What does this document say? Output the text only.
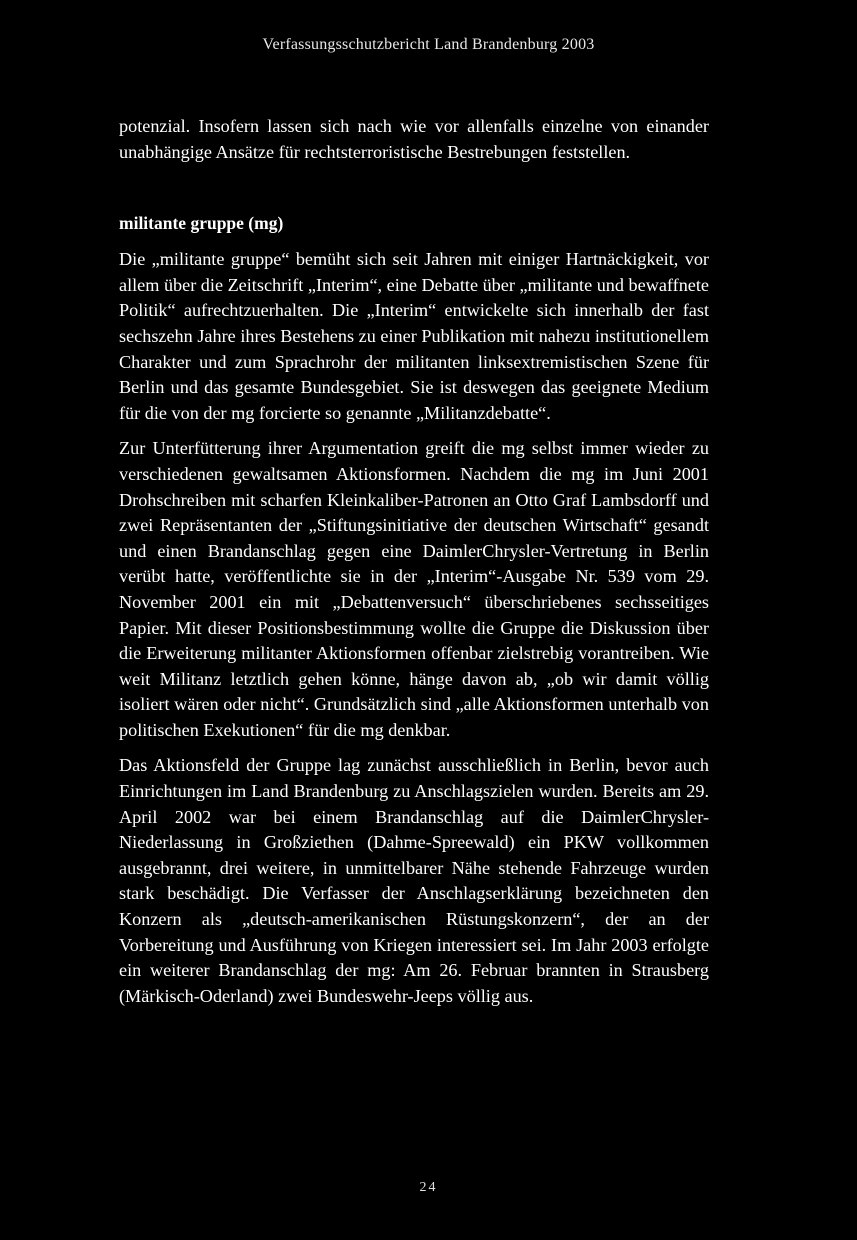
Verfassungsschutzbericht Land Brandenburg 2003

potenzial. Insofern lassen sich nach wie vor allenfalls einzelne von einander unabhängige Ansätze für rechtsterroristische Bestrebungen feststellen.

militante gruppe (mg)

Die „militante gruppe“ bemüht sich seit Jahren mit einiger Hartnäckigkeit, vor allem über die Zeitschrift „Interim“, eine Debatte über „militante und bewaffnete Politik“ aufrechtzuerhalten. Die „Interim“ entwickelte sich innerhalb der fast sechszehn Jahre ihres Bestehens zu einer Publikation mit nahezu institutionellem Charakter und zum Sprachrohr der militanten linksextremistischen Szene für Berlin und das gesamte Bundesgebiet. Sie ist deswegen das geeignete Medium für die von der mg forcierte so genannte „Militanzdebatte“.

Zur Unterfütterung ihrer Argumentation greift die mg selbst immer wieder zu verschiedenen gewaltsamen Aktionsformen. Nachdem die mg im Juni 2001 Drohschreiben mit scharfen Kleinkaliber-Patronen an Otto Graf Lambsdorff und zwei Repräsentanten der „Stiftungsinitiative der deutschen Wirtschaft“ gesandt und einen Brandanschlag gegen eine DaimlerChrysler-Vertretung in Berlin verübt hatte, veröffentlichte sie in der „Interim“-Ausgabe Nr. 539 vom 29. November 2001 ein mit „Debattenversuch“ überschriebenes sechsseitiges Papier. Mit dieser Positionsbestimmung wollte die Gruppe die Diskussion über die Erweiterung militanter Aktionsformen offenbar zielstrebig vorantreiben. Wie weit Militanz letztlich gehen könne, hänge davon ab, „ob wir damit völlig isoliert wären oder nicht“. Grundsätzlich sind „alle Aktionsformen unterhalb von politischen Exekutionen“ für die mg denkbar.

Das Aktionsfeld der Gruppe lag zunächst ausschließlich in Berlin, bevor auch Einrichtungen im Land Brandenburg zu Anschlagszielen wurden. Bereits am 29. April 2002 war bei einem Brandanschlag auf die DaimlerChrysler-Niederlassung in Großziethen (Dahme-Spreewald) ein PKW vollkommen ausgebrannt, drei weitere, in unmittelbarer Nähe stehende Fahrzeuge wurden stark beschädigt. Die Verfasser der Anschlagserklärung bezeichneten den Konzern als „deutsch-amerikanischen Rüstungskonzern“, der an der Vorbereitung und Ausführung von Kriegen interessiert sei. Im Jahr 2003 erfolgte ein weiterer Brandanschlag der mg: Am 26. Februar brannten in Strausberg (Märkisch-Oderland) zwei Bundeswehr-Jeeps völlig aus.

24
